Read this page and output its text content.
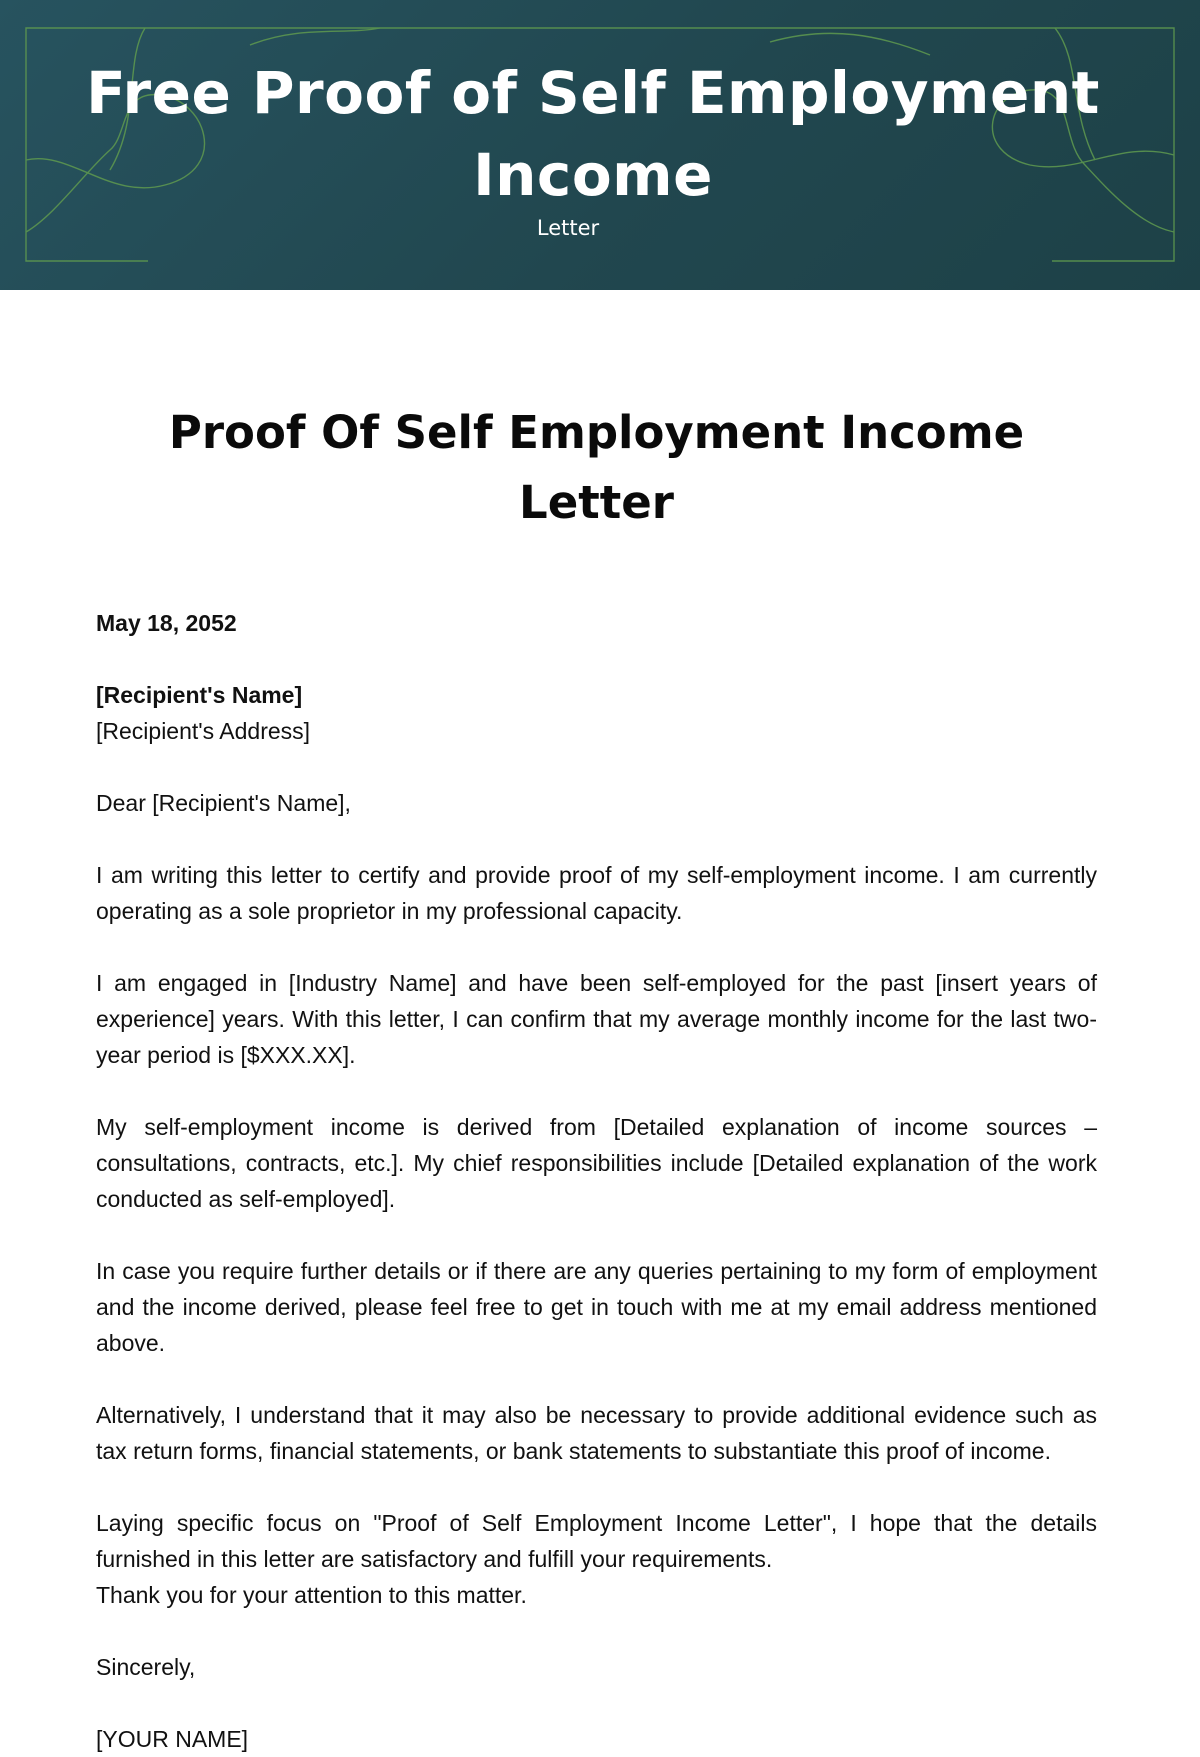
Free Proof of Self Employment Income
Letter
Proof Of Self Employment Income Letter
May 18, 2052
[Recipient's Name]
[Recipient's Address]
Dear [Recipient's Name],
I am writing this letter to certify and provide proof of my self-employment income. I am currently operating as a sole proprietor in my professional capacity.
I am engaged in [Industry Name] and have been self-employed for the past [insert years of experience] years. With this letter, I can confirm that my average monthly income for the last two-year period is [$XXX.XX].
My self-employment income is derived from [Detailed explanation of income sources – consultations, contracts, etc.]. My chief responsibilities include [Detailed explanation of the work conducted as self-employed].
In case you require further details or if there are any queries pertaining to my form of employment and the income derived, please feel free to get in touch with me at my email address mentioned above.
Alternatively, I understand that it may also be necessary to provide additional evidence such as tax return forms, financial statements, or bank statements to substantiate this proof of income.
Laying specific focus on "Proof of Self Employment Income Letter", I hope that the details furnished in this letter are satisfactory and fulfill your requirements.
Thank you for your attention to this matter.
Sincerely,
[YOUR NAME]
